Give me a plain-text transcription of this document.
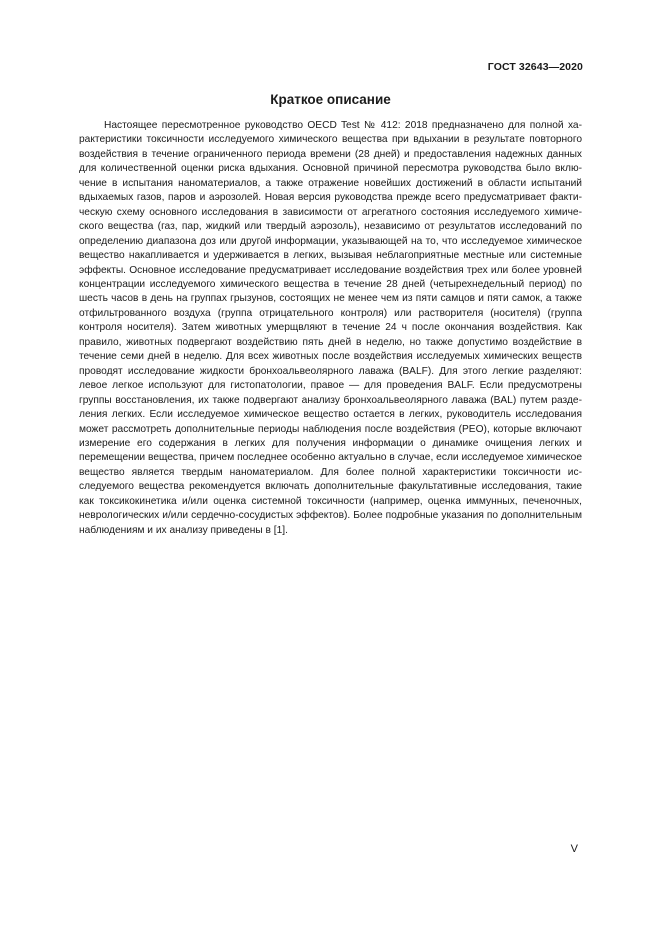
ГОСТ 32643—2020
Краткое описание

Настоящее пересмотренное руководство OECD Test № 412: 2018 предназначено для полной характеристики токсичности исследуемого химического вещества при вдыхании в результате повторного воздействия в течение ограниченного периода времени (28 дней) и предоставления надежных данных для количественной оценки риска вдыхания. Основной причиной пересмотра руководства было включение в испытания наноматериалов, а также отражение новейших достижений в области испытаний вдыхаемых газов, паров и аэрозолей. Новая версия руководства прежде всего предусматривает фактическую схему основного исследования в зависимости от агрегатного состояния исследуемого химического вещества (газ, пар, жидкий или твердый аэрозоль), независимо от результатов исследований по определению диапазона доз или другой информации, указывающей на то, что исследуемое химическое вещество накапливается и удерживается в легких, вызывая неблагоприятные местные или системные эффекты. Основное исследование предусматривает исследование воздействия трех или более уровней концентрации исследуемого химического вещества в течение 28 дней (четырехнедельный период) по шесть часов в день на группах грызунов, состоящих не менее чем из пяти самцов и пяти самок, а также отфильтрованного воздуха (группа отрицательного контроля) или растворителя (носителя) (группа контроля носителя). Затем животных умерщвляют в течение 24 ч после окончания воздействия. Как правило, животных подвергают воздействию пять дней в неделю, но также допустимо воздействие в течение семи дней в неделю. Для всех животных после воздействия исследуемых химических веществ проводят исследование жидкости бронхоальвеолярного лаважа (BALF). Для этого легкие разделяют: левое легкое используют для гистопатологии, правое — для проведения BALF. Если предусмотрены группы восстановления, их также подвергают анализу бронхоальвеолярного лаважа (BAL) путем разделения легких. Если исследуемое химическое вещество остается в легких, руководитель исследования может рассмотреть дополнительные периоды наблюдения после воздействия (PEO), которые включают измерение его содержания в легких для получения информации о динамике очищения легких и перемещении вещества, причем последнее особенно актуально в случае, если исследуемое химическое вещество является твердым наноматериалом. Для более полной характеристики токсичности исследуемого вещества рекомендуется включать дополнительные факультативные исследования, такие как токсикокинетика и/или оценка системной токсичности (например, оценка иммунных, печеночных, неврологических и/или сердечно-сосудистых эффектов). Более подробные указания по дополнительным наблюдениям и их анализу приведены в [1].

V
